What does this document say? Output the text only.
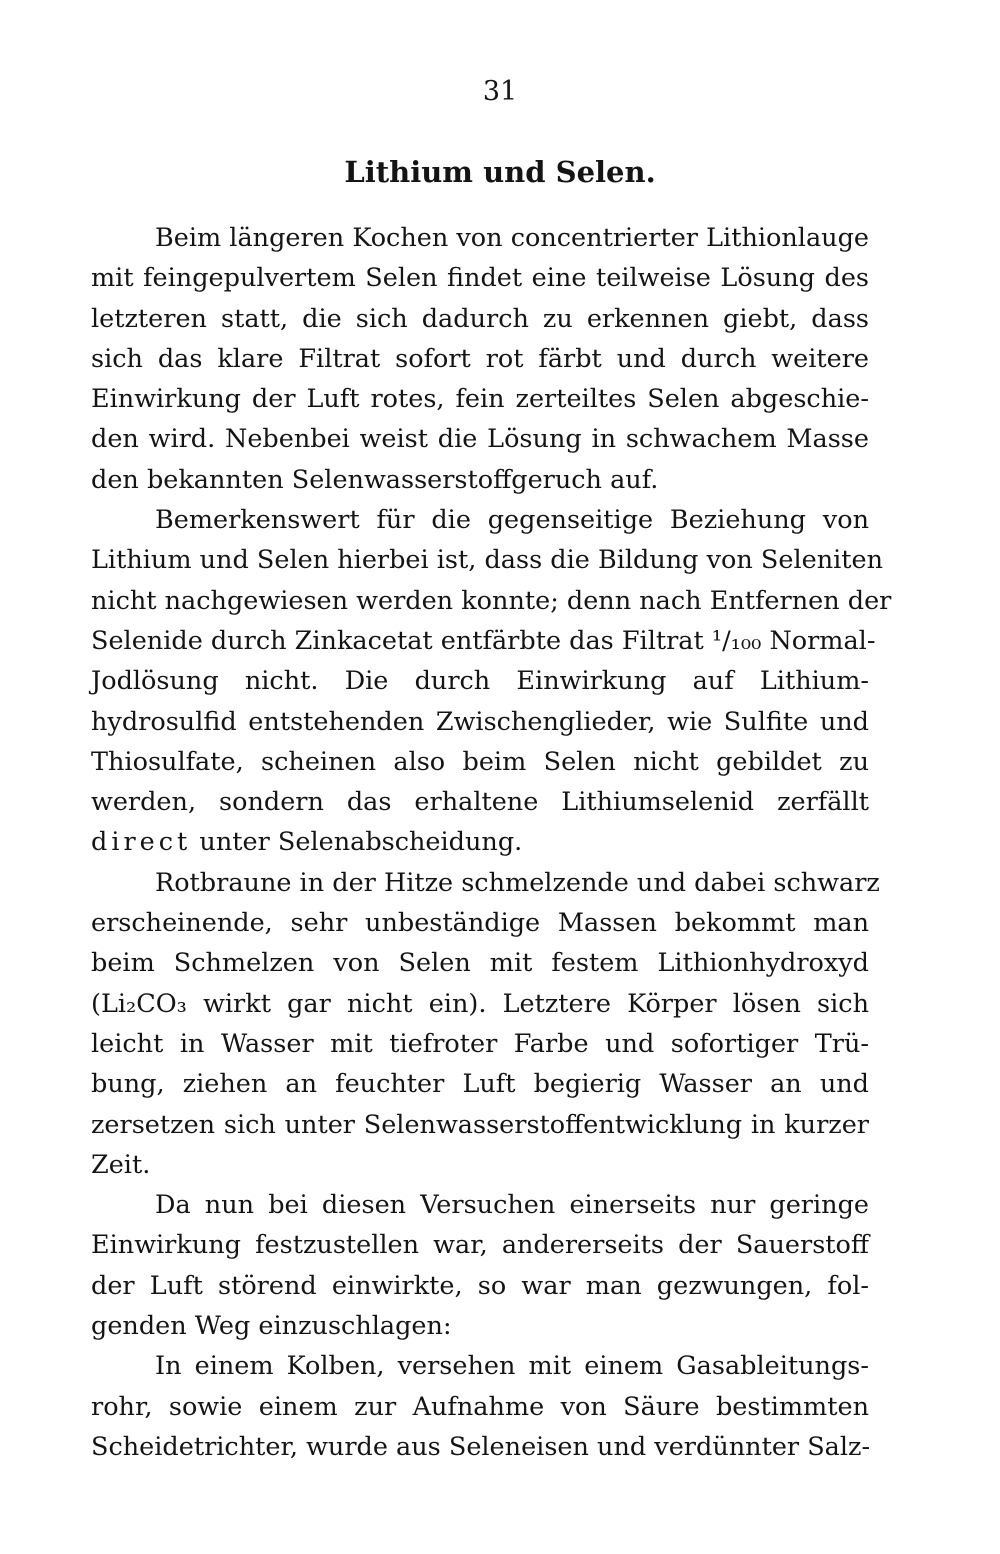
31
Lithium und Selen.

Beim längeren Kochen von concentrierter Lithionlauge
mit feingepulvertem Selen findet eine teilweise Lösung des
letzteren statt, die sich dadurch zu erkennen giebt, dass
sich das klare Filtrat sofort rot färbt und durch weitere
Einwirkung der Luft rotes, fein zerteiltes Selen abgeschie-
den wird. Nebenbei weist die Lösung in schwachem Masse
den bekannten Selenwasserstoffgeruch auf.

Bemerkenswert für die gegenseitige Beziehung von
Lithium und Selen hierbei ist, dass die Bildung von Seleniten
nicht nachgewiesen werden konnte; denn nach Entfernen der
Selenide durch Zinkacetat entfärbte das Filtrat ¹/₁₀₀ Normal-
Jodlösung nicht. Die durch Einwirkung auf Lithium-
hydrosulfid entstehenden Zwischenglieder, wie Sulfite und
Thiosulfate, scheinen also beim Selen nicht gebildet zu
werden, sondern das erhaltene Lithiumselenid zerfällt
direct unter Selenabscheidung.

Rotbraune in der Hitze schmelzende und dabei schwarz
erscheinende, sehr unbeständige Massen bekommt man
beim Schmelzen von Selen mit festem Lithionhydroxyd
(Li₂CO₃ wirkt gar nicht ein). Letztere Körper lösen sich
leicht in Wasser mit tiefroter Farbe und sofortiger Trü-
bung, ziehen an feuchter Luft begierig Wasser an und
zersetzen sich unter Selenwasserstoffentwicklung in kurzer
Zeit.

Da nun bei diesen Versuchen einerseits nur geringe
Einwirkung festzustellen war, andererseits der Sauerstoff
der Luft störend einwirkte, so war man gezwungen, fol-
genden Weg einzuschlagen:

In einem Kolben, versehen mit einem Gasableitungs-
rohr, sowie einem zur Aufnahme von Säure bestimmten
Scheidetrichter, wurde aus Seleneisen und verdünnter Salz-
